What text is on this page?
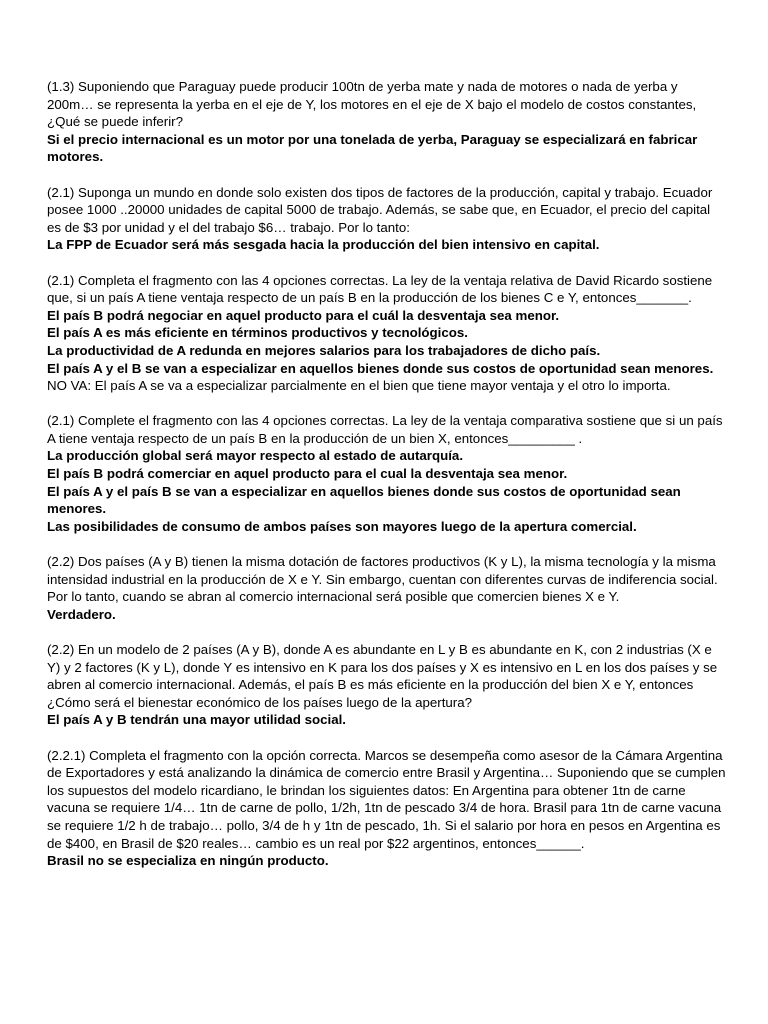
(1.3) Suponiendo que Paraguay puede producir 100tn de yerba mate y nada de motores o nada de yerba y 200m… se representa la yerba en el eje de Y, los motores en el eje de X bajo el modelo de costos constantes, ¿Qué se puede inferir?

Si el precio internacional es un motor por una tonelada de yerba, Paraguay se especializará en fabricar motores.

(2.1) Suponga un mundo en donde solo existen dos tipos de factores de la producción, capital y trabajo. Ecuador posee 1000 ..20000 unidades de capital 5000 de trabajo. Además, se sabe que, en Ecuador, el precio del capital es de $3 por unidad y el del trabajo $6… trabajo. Por lo tanto:

La FPP de Ecuador será más sesgada hacia la producción del bien intensivo en capital.

(2.1) Completa el fragmento con las 4 opciones correctas. La ley de la ventaja relativa de David Ricardo sostiene que, si un país A tiene ventaja respecto de un país B en la producción de los bienes C e Y, entonces_______.

El país B podrá negociar en aquel producto para el cuál la desventaja sea menor.

El país A es más eficiente en términos productivos y tecnológicos.

La productividad de A redunda en mejores salarios para los trabajadores de dicho país.

El país A y el B se van a especializar en aquellos bienes donde sus costos de oportunidad sean menores.

NO VA: El país A se va a especializar parcialmente en el bien que tiene mayor ventaja y el otro lo importa.

(2.1) Complete el fragmento con las 4 opciones correctas. La ley de la ventaja comparativa sostiene que si un país A tiene ventaja respecto de un país B en la producción de un bien X, entonces_________ .

La producción global será mayor respecto al estado de autarquía.

El país B podrá comerciar en aquel producto para el cual la desventaja sea menor.

El país A y el país B se van a especializar en aquellos bienes donde sus costos de oportunidad sean menores.

Las posibilidades de consumo de ambos países son mayores luego de la apertura comercial.

(2.2) Dos países (A y B) tienen la misma dotación de factores productivos (K y L), la misma tecnología y la misma intensidad industrial en la producción de X e Y. Sin embargo, cuentan con diferentes curvas de indiferencia social. Por lo tanto, cuando se abran al comercio internacional será posible que comercien bienes X e Y.

Verdadero.

(2.2) En un modelo de 2 países (A y B), donde A es abundante en L y B es abundante en K, con 2 industrias (X e Y) y 2 factores (K y L), donde Y es intensivo en K para los dos países y X es intensivo en L en los dos países y se abren al comercio internacional. Además, el país B es más eficiente en la producción del bien X e Y, entonces ¿Cómo será el bienestar económico de los países luego de la apertura?

El país A y B tendrán una mayor utilidad social.

(2.2.1) Completa el fragmento con la opción correcta. Marcos se desempeña como asesor de la Cámara Argentina de Exportadores y está analizando la dinámica de comercio entre Brasil y Argentina… Suponiendo que se cumplen los supuestos del modelo ricardiano, le brindan los siguientes datos: En Argentina para obtener 1tn de carne vacuna se requiere 1/4… 1tn de carne de pollo, 1/2h, 1tn de pescado 3/4 de hora. Brasil para 1tn de carne vacuna se requiere 1/2 h de trabajo… pollo, 3/4 de h y 1tn de pescado, 1h. Si el salario por hora en pesos en Argentina es de $400, en Brasil de $20 reales… cambio es un real por $22 argentinos, entonces______.

Brasil no se especializa en ningún producto.
